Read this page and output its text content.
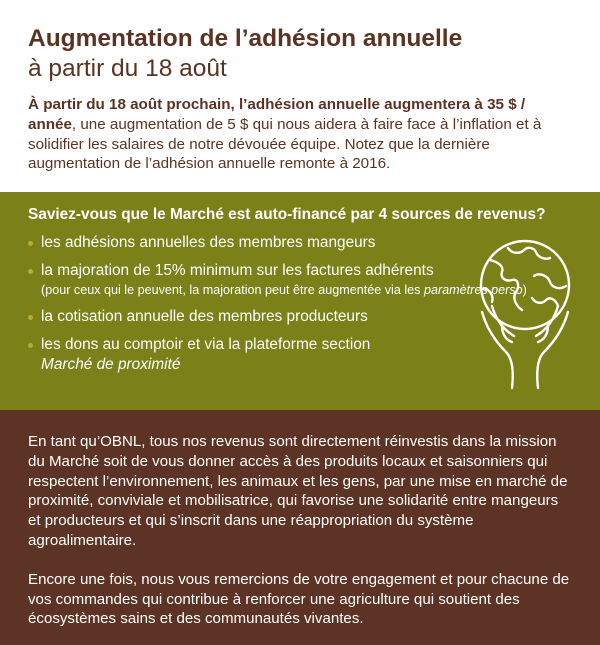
Augmentation de l’adhésion annuelle
à partir du 18 août
À partir du 18 août prochain, l’adhésion annuelle augmentera à 35 $ / année, une augmentation de 5 $ qui nous aidera à faire face à l’inflation et à solidifier les salaires de notre dévouée équipe. Notez que la dernière augmentation de l’adhésion annuelle remonte à 2016.
Saviez-vous que le Marché est auto-financé par 4 sources de revenus?
les adhésions annuelles des membres mangeurs
la majoration de 15% minimum sur les factures adhérents
(pour ceux qui le peuvent, la majoration peut être augmentée via les paramètres perso)
la cotisation annuelle des membres producteurs
les dons au comptoir et via la plateforme section
Marché de proximité

En tant qu’OBNL, tous nos revenus sont directement réinvestis dans la mission du Marché soit de vous donner accès à des produits locaux et saisonniers qui respectent l’environnement, les animaux et les gens, par une mise en marché de proximité, conviviale et mobilisatrice, qui favorise une solidarité entre mangeurs et producteurs et qui s’inscrit dans une réappropriation du système agroalimentaire.

Encore une fois, nous vous remercions de votre engagement et pour chacune de vos commandes qui contribue à renforcer une agriculture qui soutient des écosystèmes sains et des communautés vivantes.
